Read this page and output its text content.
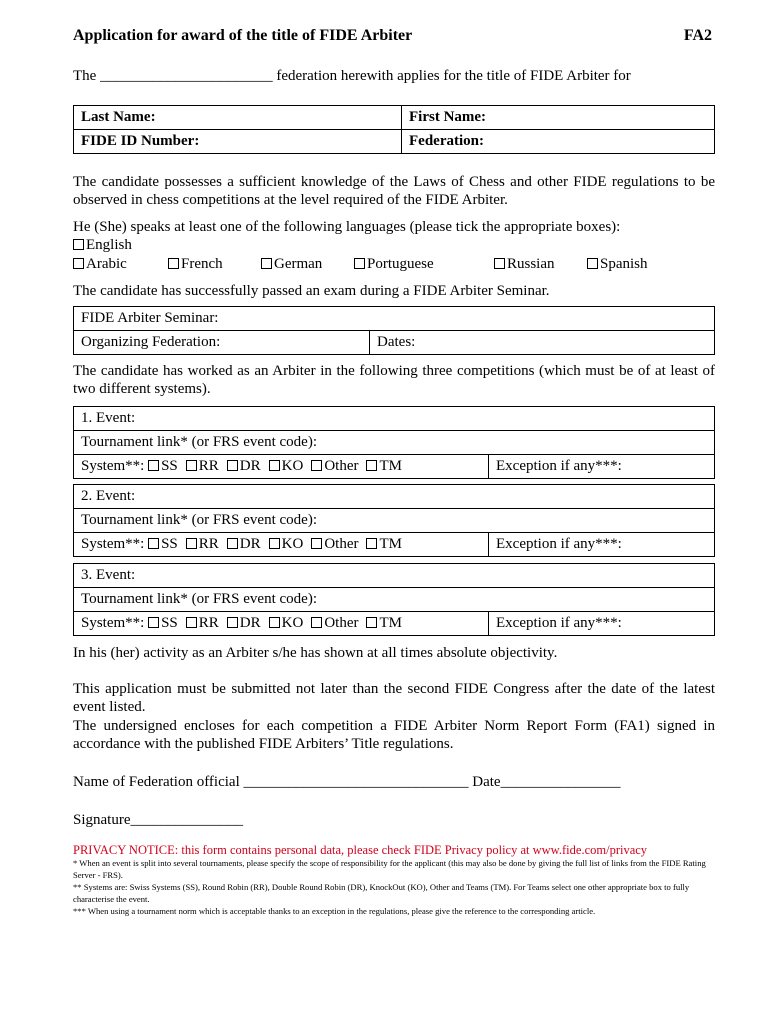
Application for award of the title of FIDE Arbiter	FA2
The _______________________ federation herewith applies for the title of FIDE Arbiter for
Last Name:	First Name:
FIDE ID Number:	Federation:
The candidate possesses a sufficient knowledge of the Laws of Chess and other FIDE regulations to be observed in chess competitions at the level required of the FIDE Arbiter.
He (She) speaks at least one of the following languages (please tick the appropriate boxes):
English
Arabic	French	German	Portuguese	Russian	Spanish
The candidate has successfully passed an exam during a FIDE Arbiter Seminar.
FIDE Arbiter Seminar:
Organizing Federation:	Dates:
The candidate has worked as an Arbiter in the following three competitions (which must be of at least of two different systems).
1. Event:
Tournament link* (or FRS event code):
System**: SS RR DR KO Other TM	Exception if any***:
2. Event:
Tournament link* (or FRS event code):
System**: SS RR DR KO Other TM	Exception if any***:
3. Event:
Tournament link* (or FRS event code):
System**: SS RR DR KO Other TM	Exception if any***:
In his (her) activity as an Arbiter s/he has shown at all times absolute objectivity.
This application must be submitted not later than the second FIDE Congress after the date of the latest event listed.
The undersigned encloses for each competition a FIDE Arbiter Norm Report Form (FA1) signed in accordance with the published FIDE Arbiters’ Title regulations.
Name of Federation official ______________________________ Date________________
Signature_______________
PRIVACY NOTICE: this form contains personal data, please check FIDE Privacy policy at www.fide.com/privacy
* When an event is split into several tournaments, please specify the scope of responsibility for the applicant (this may also be done by giving the full list of links from the FIDE Rating Server - FRS).
** Systems are: Swiss Systems (SS), Round Robin (RR), Double Round Robin (DR), KnockOut (KO), Other and Teams (TM). For Teams select one other appropriate box to fully characterise the event.
*** When using a tournament norm which is acceptable thanks to an exception in the regulations, please give the reference to the corresponding article.
